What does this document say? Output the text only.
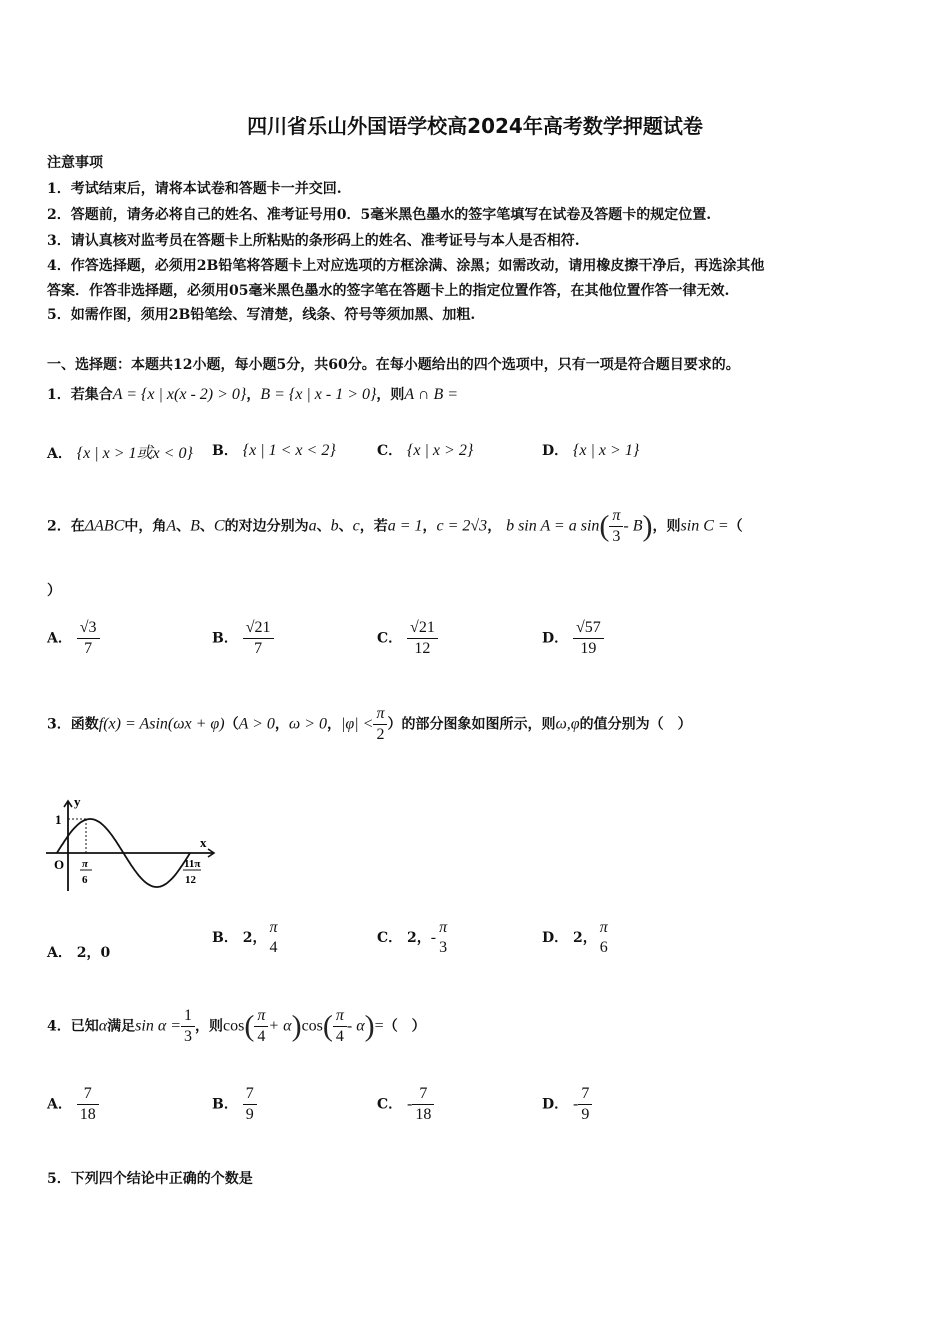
四川省乐山外国语学校高2024年高考数学押题试卷
注意事项
1．考试结束后，请将本试卷和答题卡一并交回.
2．答题前，请务必将自己的姓名、准考证号用0．5毫米黑色墨水的签字笔填写在试卷及答题卡的规定位置.
3．请认真核对监考员在答题卡上所粘贴的条形码上的姓名、准考证号与本人是否相符.
4．作答选择题，必须用2B铅笔将答题卡上对应选项的方框涂满、涂黑；如需改动，请用橡皮擦干净后，再选涂其他
答案．作答非选择题，必须用05毫米黑色墨水的签字笔在答题卡上的指定位置作答，在其他位置作答一律无效.
5．如需作图，须用2B铅笔绘、写清楚，线条、符号等须加黑、加粗.
一、选择题：本题共12小题，每小题5分，共60分。在每小题给出的四个选项中，只有一项是符合题目要求的。
1．若集合A = {x | x(x - 2) > 0}，B = {x | x - 1 > 0}，则A ∩ B =
A． {x | x > 1或x < 0} B． {x | 1 < x < 2}	C． {x | x > 2}	D． {x | x > 1}
2．在ΔABC中，角A、B、C的对边分别为a、b、c，若a = 1，c = 2√3， b sin A = a $\sin( \frac{\pi}{3} - B)$，则sin C =（
）
A． $\frac{√3}{7}$	B． $\frac{√21}{7}$	C． $\frac{√21}{12}$	D． $\frac{√57}{19}$
3．函数f(x) = Asin(ωx + φ)（A > 0，ω > 0，$|\varphi| < \frac{\pi}{2}$ ）的部分图象如图所示，则ω,φ的值分别为（　）
y
x
O
1
π
6
11π
12
A． 2，0
B． 2，
π
4
C． 2，-
π
3
D． 2，
π
6
4．已知α满足$\sin \alpha = \frac{1}{3}$ ，则$\cos( \frac{\pi}{4} + \alpha)\cos( \frac{\pi}{4} - \alpha)=$（　）
A． $\frac{7}{18}$	B． $\frac{7}{9}$	C． - $\frac{7}{18}$	D． - $\frac{7}{9}$
5．下列四个结论中正确的个数是
